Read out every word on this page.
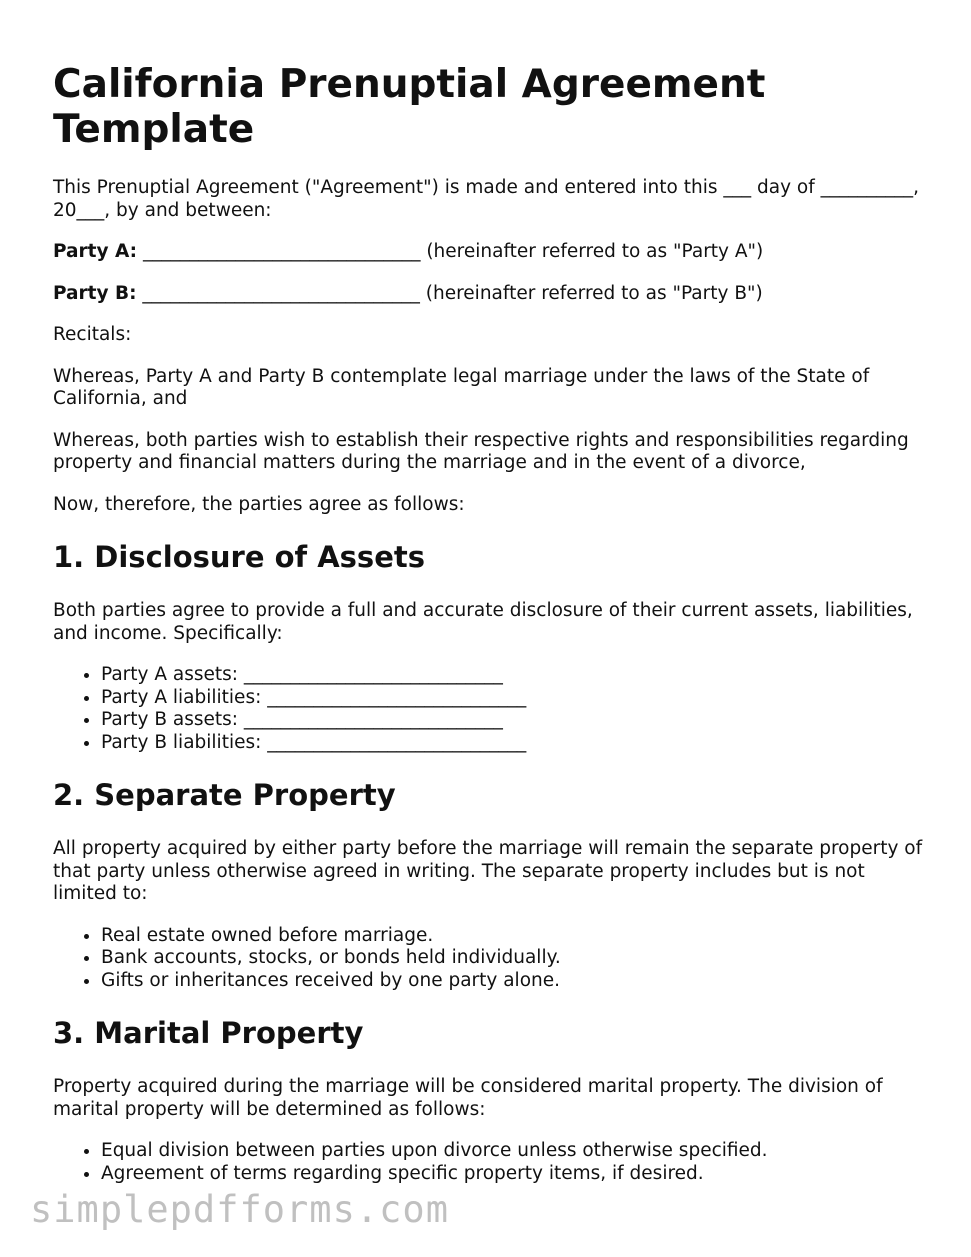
California Prenuptial Agreement Template

This Prenuptial Agreement ("Agreement") is made and entered into this ___ day of __________, 20___, by and between:

Party A: ______________________________ (hereinafter referred to as "Party A")

Party B: ______________________________ (hereinafter referred to as "Party B")

Recitals:

Whereas, Party A and Party B contemplate legal marriage under the laws of the State of California, and

Whereas, both parties wish to establish their respective rights and responsibilities regarding property and financial matters during the marriage and in the event of a divorce,

Now, therefore, the parties agree as follows:

1. Disclosure of Assets

Both parties agree to provide a full and accurate disclosure of their current assets, liabilities, and income. Specifically:

• Party A assets: ____________________________
• Party A liabilities: ____________________________
• Party B assets: ____________________________
• Party B liabilities: ____________________________
2. Separate Property

All property acquired by either party before the marriage will remain the separate property of that party unless otherwise agreed in writing. The separate property includes but is not limited to:

• Real estate owned before marriage.
• Bank accounts, stocks, or bonds held individually.
• Gifts or inheritances received by one party alone.
3. Marital Property

Property acquired during the marriage will be considered marital property. The division of marital property will be determined as follows:

• Equal division between parties upon divorce unless otherwise specified.
• Agreement of terms regarding specific property items, if desired.
simplepdfforms.com
